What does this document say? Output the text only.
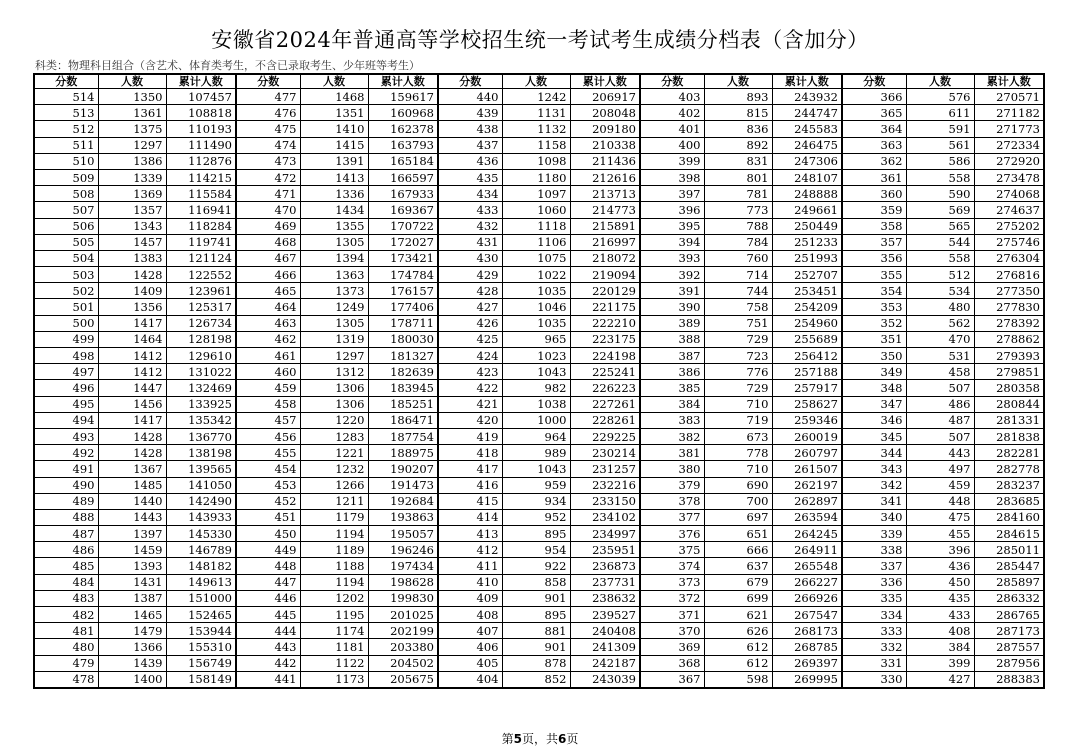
安徽省2024年普通高等学校招生统一考试考生成绩分档表（含加分）
科类：物理科目组合（含艺术、体育类考生，不含已录取考生、少年班等考生）
分数	人数	累计人数	分数	人数	累计人数	分数	人数	累计人数	分数	人数	累计人数	分数	人数	累计人数
514	1350	107457	477	1468	159617	440	1242	206917	403	893	243932	366	576	270571
513	1361	108818	476	1351	160968	439	1131	208048	402	815	244747	365	611	271182
512	1375	110193	475	1410	162378	438	1132	209180	401	836	245583	364	591	271773
511	1297	111490	474	1415	163793	437	1158	210338	400	892	246475	363	561	272334
510	1386	112876	473	1391	165184	436	1098	211436	399	831	247306	362	586	272920
509	1339	114215	472	1413	166597	435	1180	212616	398	801	248107	361	558	273478
508	1369	115584	471	1336	167933	434	1097	213713	397	781	248888	360	590	274068
507	1357	116941	470	1434	169367	433	1060	214773	396	773	249661	359	569	274637
506	1343	118284	469	1355	170722	432	1118	215891	395	788	250449	358	565	275202
505	1457	119741	468	1305	172027	431	1106	216997	394	784	251233	357	544	275746
504	1383	121124	467	1394	173421	430	1075	218072	393	760	251993	356	558	276304
503	1428	122552	466	1363	174784	429	1022	219094	392	714	252707	355	512	276816
502	1409	123961	465	1373	176157	428	1035	220129	391	744	253451	354	534	277350
501	1356	125317	464	1249	177406	427	1046	221175	390	758	254209	353	480	277830
500	1417	126734	463	1305	178711	426	1035	222210	389	751	254960	352	562	278392
499	1464	128198	462	1319	180030	425	965	223175	388	729	255689	351	470	278862
498	1412	129610	461	1297	181327	424	1023	224198	387	723	256412	350	531	279393
497	1412	131022	460	1312	182639	423	1043	225241	386	776	257188	349	458	279851
496	1447	132469	459	1306	183945	422	982	226223	385	729	257917	348	507	280358
495	1456	133925	458	1306	185251	421	1038	227261	384	710	258627	347	486	280844
494	1417	135342	457	1220	186471	420	1000	228261	383	719	259346	346	487	281331
493	1428	136770	456	1283	187754	419	964	229225	382	673	260019	345	507	281838
492	1428	138198	455	1221	188975	418	989	230214	381	778	260797	344	443	282281
491	1367	139565	454	1232	190207	417	1043	231257	380	710	261507	343	497	282778
490	1485	141050	453	1266	191473	416	959	232216	379	690	262197	342	459	283237
489	1440	142490	452	1211	192684	415	934	233150	378	700	262897	341	448	283685
488	1443	143933	451	1179	193863	414	952	234102	377	697	263594	340	475	284160
487	1397	145330	450	1194	195057	413	895	234997	376	651	264245	339	455	284615
486	1459	146789	449	1189	196246	412	954	235951	375	666	264911	338	396	285011
485	1393	148182	448	1188	197434	411	922	236873	374	637	265548	337	436	285447
484	1431	149613	447	1194	198628	410	858	237731	373	679	266227	336	450	285897
483	1387	151000	446	1202	199830	409	901	238632	372	699	266926	335	435	286332
482	1465	152465	445	1195	201025	408	895	239527	371	621	267547	334	433	286765
481	1479	153944	444	1174	202199	407	881	240408	370	626	268173	333	408	287173
480	1366	155310	443	1181	203380	406	901	241309	369	612	268785	332	384	287557
479	1439	156749	442	1122	204502	405	878	242187	368	612	269397	331	399	287956
478	1400	158149	441	1173	205675	404	852	243039	367	598	269995	330	427	288383
第5页，共6页
